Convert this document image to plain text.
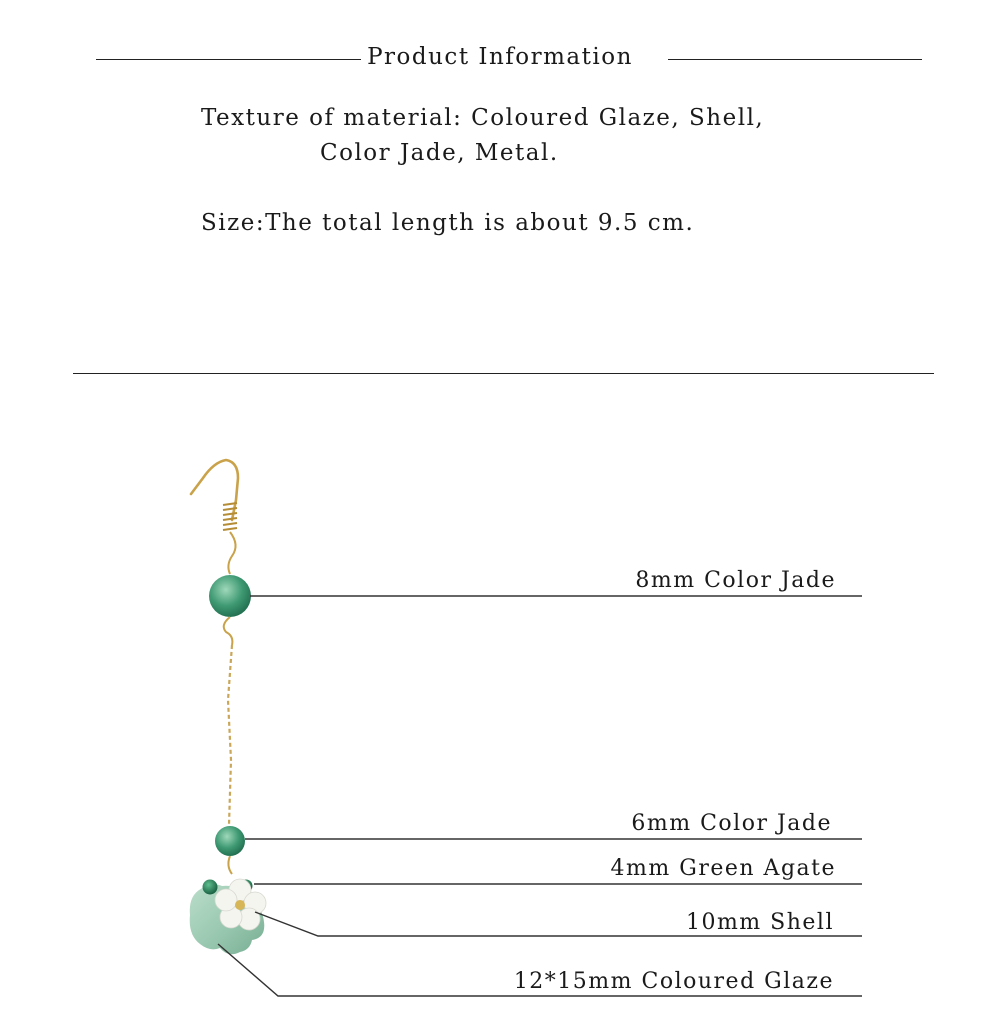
Product Information
Texture of material: Coloured Glaze, Shell,
Color Jade, Metal.
Size:The total length is about 9.5 cm.
8mm Color Jade
6mm Color Jade
4mm Green Agate
10mm Shell
12*15mm Coloured Glaze
